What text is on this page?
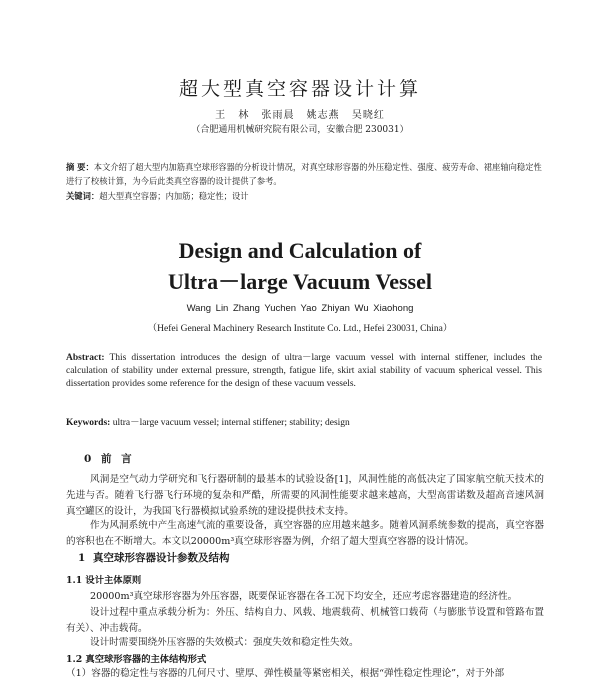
超大型真空容器设计计算
王 林 张雨晨 姚志燕 吴晓红
（合肥通用机械研究院有限公司，安徽合肥 230031）
摘 要：本文介绍了超大型内加筋真空球形容器的分析设计情况，对真空球形容器的外压稳定性、强度、疲劳寿命、裙座轴向稳定性进行了校核计算，为今后此类真空容器的设计提供了参考。
关键词：超大型真空容器；内加筋；稳定性；设计
Design and Calculation of
Ultra－large Vacuum Vessel
Wang Lin Zhang Yuchen Yao Zhiyan Wu Xiaohong
（Hefei General Machinery Research Institute Co. Ltd., Hefei 230031, China）
Abstract: This dissertation introduces the design of ultra－large vacuum vessel with internal stiffener, includes the calculation of stability under external pressure, strength, fatigue life, skirt axial stability of vacuum spherical vessel. This dissertation provides some reference for the design of these vacuum vessels.
Keywords: ultra－large vacuum vessel; internal stiffener; stability; design
0 前 言
风洞是空气动力学研究和飞行器研制的最基本的试验设备[1]，风洞性能的高低决定了国家航空航天技术的先进与否。随着飞行器飞行环境的复杂和严酷，所需要的风洞性能要求越来越高，大型高雷诺数及超高音速风洞真空罐区的设计，为我国飞行器模拟试验系统的建设提供技术支持。
作为风洞系统中产生高速气流的重要设备，真空容器的应用越来越多。随着风洞系统参数的提高，真空容器的容积也在不断增大。本文以20000m³真空球形容器为例，介绍了超大型真空容器的设计情况。
1 真空球形容器设计参数及结构
1.1 设计主体原则
20000m³真空球形容器为外压容器，既要保证容器在各工况下均安全，还应考虑容器建造的经济性。
设计过程中重点承载分析为：外压、结构自力、风载、地震载荷、机械管口载荷（与膨胀节设置和管路布置有关）、冲击载荷。
设计时需要围绕外压容器的失效模式：强度失效和稳定性失效。
1.2 真空球形容器的主体结构形式
（1）容器的稳定性与容器的几何尺寸、壁厚、弹性模量等紧密相关，根据“弹性稳定性理论”，对于外部
